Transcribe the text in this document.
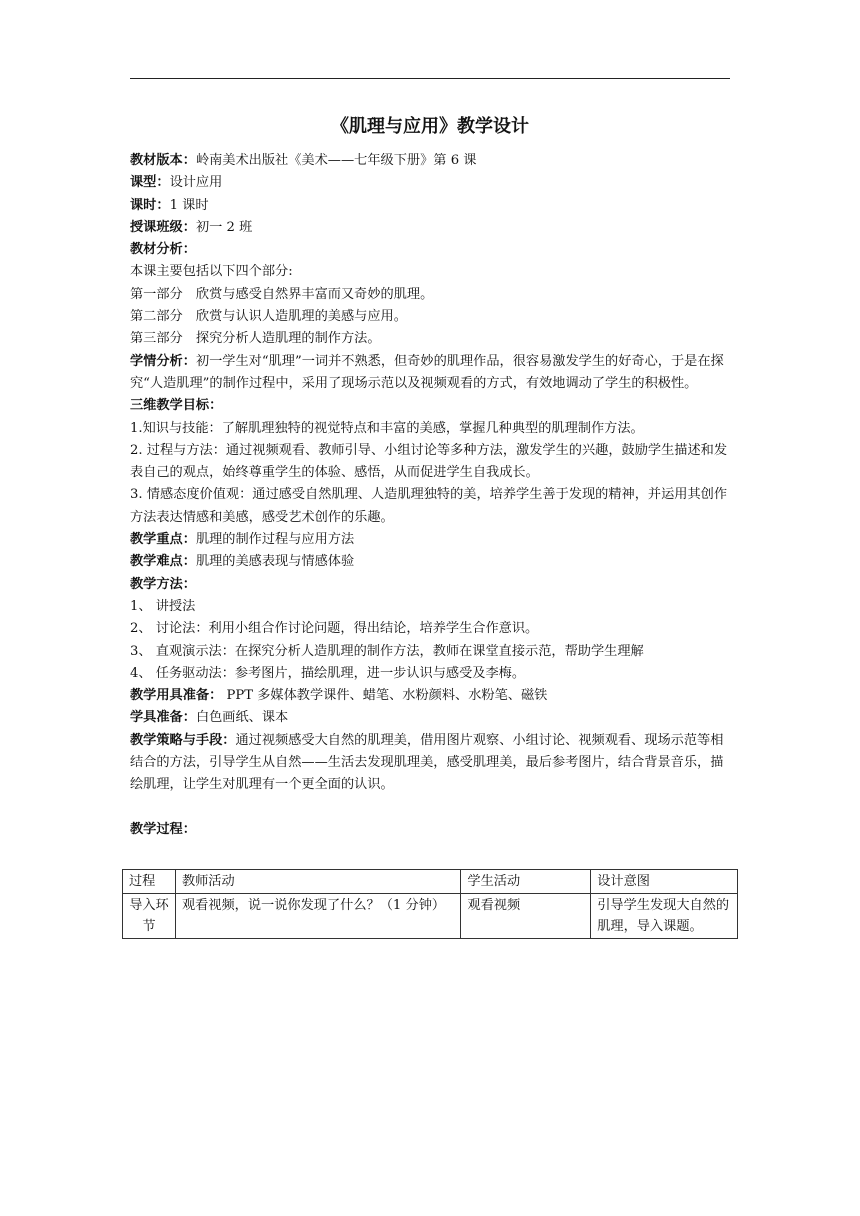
《肌理与应用》教学设计
教材版本：岭南美术出版社《美术——七年级下册》第 6 课
课型：设计应用
课时：1 课时
授课班级：初一 2 班
教材分析：
本课主要包括以下四个部分:
第一部分　欣赏与感受自然界丰富而又奇妙的肌理。
第二部分　欣赏与认识人造肌理的美感与应用。
第三部分　探究分析人造肌理的制作方法。
学情分析：初一学生对“肌理”一词并不熟悉，但奇妙的肌理作品，很容易激发学生的好奇心，于是在探究“人造肌理”的制作过程中，采用了现场示范以及视频观看的方式，有效地调动了学生的积极性。
三维教学目标：
1.知识与技能：了解肌理独特的视觉特点和丰富的美感，掌握几种典型的肌理制作方法。
2. 过程与方法：通过视频观看、教师引导、小组讨论等多种方法，激发学生的兴趣，鼓励学生描述和发表自己的观点，始终尊重学生的体验、感悟，从而促进学生自我成长。
3. 情感态度价值观：通过感受自然肌理、人造肌理独特的美，培养学生善于发现的精神，并运用其创作方法表达情感和美感，感受艺术创作的乐趣。
教学重点：肌理的制作过程与应用方法
教学难点：肌理的美感表现与情感体验
教学方法：
1、 讲授法
2、 讨论法：利用小组合作讨论问题，得出结论，培养学生合作意识。
3、 直观演示法：在探究分析人造肌理的制作方法，教师在课堂直接示范，帮助学生理解
4、 任务驱动法：参考图片，描绘肌理，进一步认识与感受及李梅。
教学用具准备： PPT 多媒体教学课件、蜡笔、水粉颜料、水粉笔、磁铁
学具准备：白色画纸、课本
教学策略与手段：通过视频感受大自然的肌理美，借用图片观察、小组讨论、视频观看、现场示范等相结合的方法，引导学生从自然——生活去发现肌理美，感受肌理美，最后参考图片，结合背景音乐，描绘肌理，让学生对肌理有一个更全面的认识。
教学过程：
过程	教师活动	学生活动	设计意图
导入环节	观看视频，说一说你发现了什么？（1 分钟）	观看视频	引导学生发现大自然的肌理，导入课题。
